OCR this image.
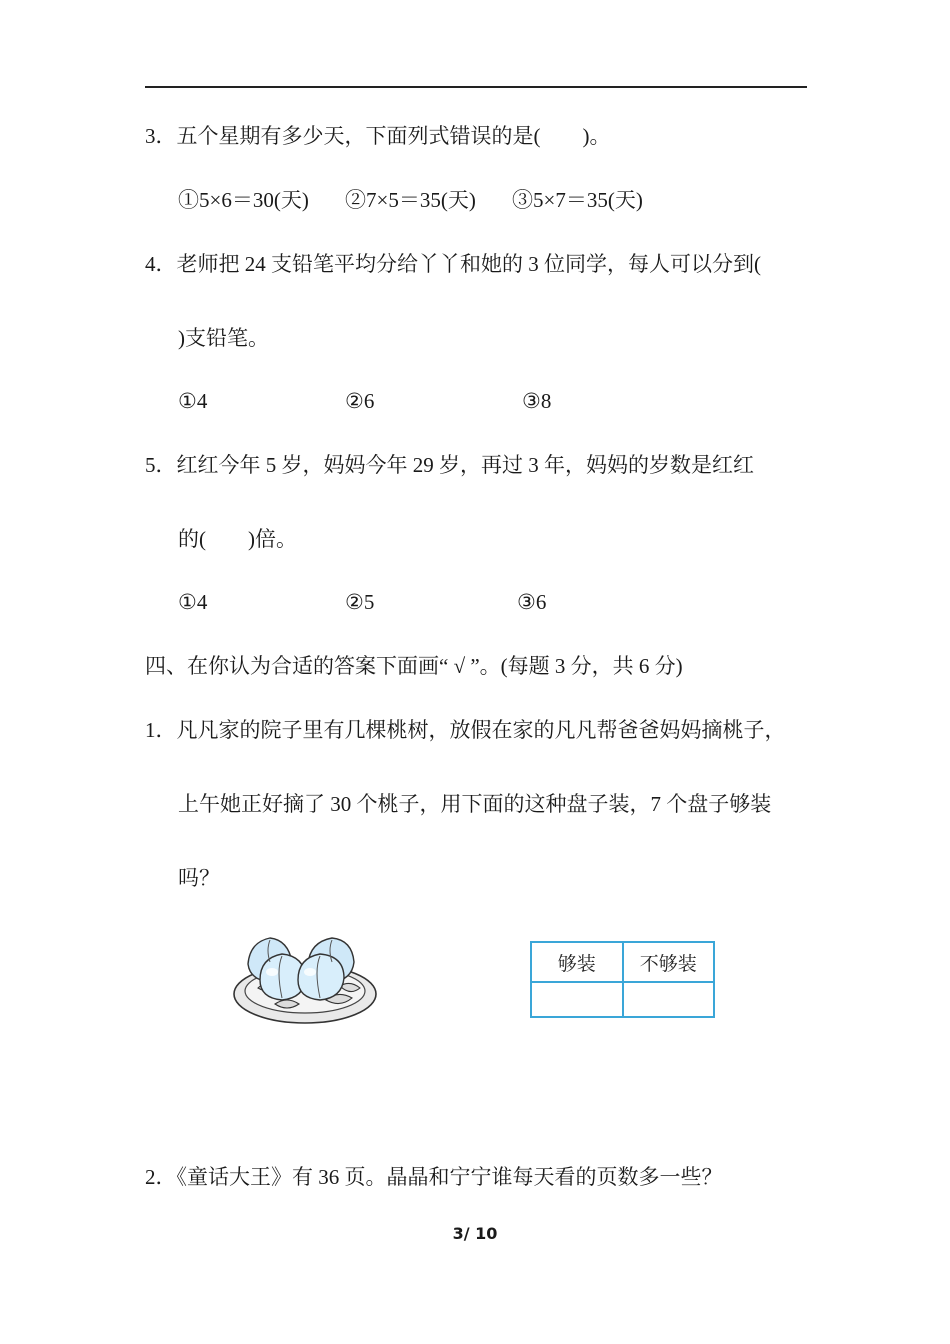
3．五个星期有多少天，下面列式错误的是(　　)。
①5×6＝30(天) ②7×5＝35(天) ③5×7＝35(天)
4．老师把 24 支铅笔平均分给丫丫和她的 3 位同学，每人可以分到(
)支铅笔。
①4	②6	③8
5．红红今年 5 岁，妈妈今年 29 岁，再过 3 年，妈妈的岁数是红红
的(　　)倍。
①4	②5	③6
四、在你认为合适的答案下面画“ √ ”。(每题 3 分，共 6 分)
1．凡凡家的院子里有几棵桃树，放假在家的凡凡帮爸爸妈妈摘桃子，
上午她正好摘了 30 个桃子，用下面的这种盘子装，7 个盘子够装
吗？
够装	不够装

2．《童话大王》有 36 页。晶晶和宁宁谁每天看的页数多一些？
3/ 10
